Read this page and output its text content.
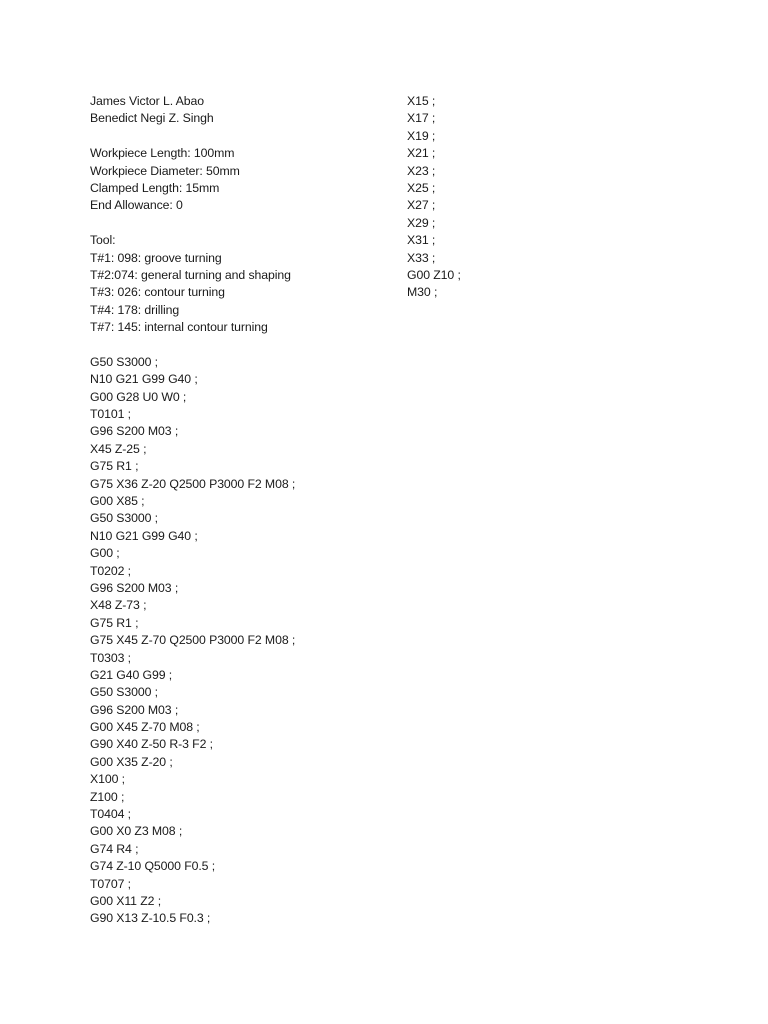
James Victor L. Abao
Benedict Negi Z. Singh
Workpiece Length: 100mm
Workpiece Diameter: 50mm
Clamped Length: 15mm
End Allowance: 0
Tool:
T#1: 098: groove turning
T#2:074: general turning and shaping
T#3: 026: contour turning
T#4: 178: drilling
T#7: 145: internal contour turning
G50 S3000 ;
N10 G21 G99 G40 ;
G00 G28 U0 W0 ;
T0101 ;
G96 S200 M03 ;
X45 Z-25 ;
G75 R1 ;
G75 X36 Z-20 Q2500 P3000 F2 M08 ;
G00 X85 ;
G50 S3000 ;
N10 G21 G99 G40 ;
G00 ;
T0202 ;
G96 S200 M03 ;
X48 Z-73 ;
G75 R1 ;
G75 X45 Z-70 Q2500 P3000 F2 M08 ;
T0303 ;
G21 G40 G99 ;
G50 S3000 ;
G96 S200 M03 ;
G00 X45 Z-70 M08 ;
G90 X40 Z-50 R-3 F2 ;
G00 X35 Z-20 ;
X100 ;
Z100 ;
T0404 ;
G00 X0 Z3 M08 ;
G74 R4 ;
G74 Z-10 Q5000 F0.5 ;
T0707 ;
G00 X11 Z2 ;
G90 X13 Z-10.5 F0.3 ;
X15 ;
X17 ;
X19 ;
X21 ;
X23 ;
X25 ;
X27 ;
X29 ;
X31 ;
X33 ;
G00 Z10 ;
M30 ;
